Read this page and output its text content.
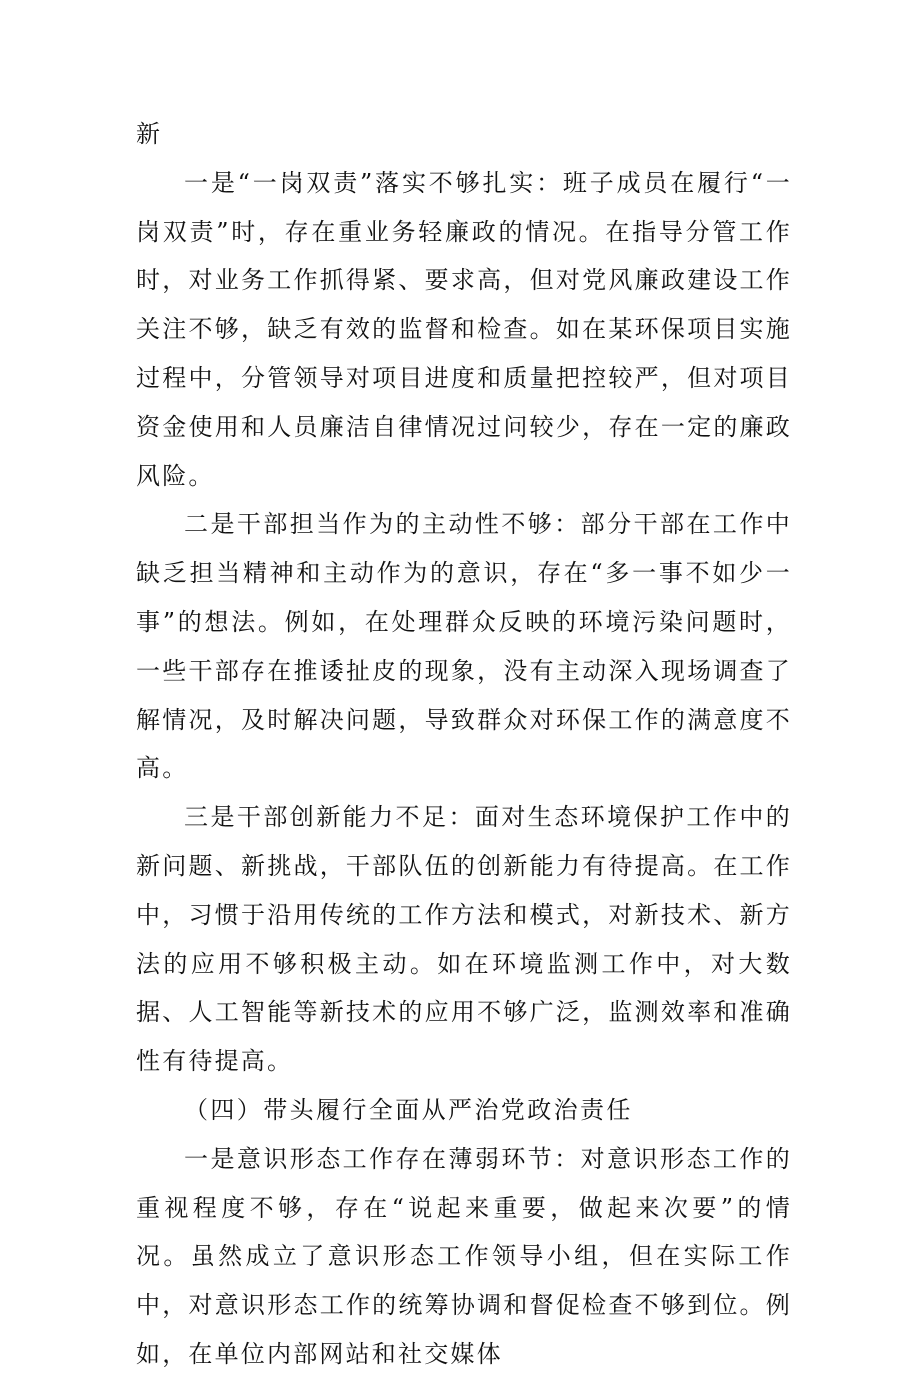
新

一是“一岗双责”落实不够扎实：班子成员在履行“一岗双责”时，存在重业务轻廉政的情况。在指导分管工作时，对业务工作抓得紧、要求高，但对党风廉政建设工作关注不够，缺乏有效的监督和检查。如在某环保项目实施过程中，分管领导对项目进度和质量把控较严，但对项目资金使用和人员廉洁自律情况过问较少，存在一定的廉政风险。

二是干部担当作为的主动性不够：部分干部在工作中缺乏担当精神和主动作为的意识，存在“多一事不如少一事”的想法。例如，在处理群众反映的环境污染问题时，一些干部存在推诿扯皮的现象，没有主动深入现场调查了解情况，及时解决问题，导致群众对环保工作的满意度不高。

三是干部创新能力不足：面对生态环境保护工作中的新问题、新挑战，干部队伍的创新能力有待提高。在工作中，习惯于沿用传统的工作方法和模式，对新技术、新方法的应用不够积极主动。如在环境监测工作中，对大数据、人工智能等新技术的应用不够广泛，监测效率和准确性有待提高。

（四）带头履行全面从严治党政治责任

一是意识形态工作存在薄弱环节：对意识形态工作的重视程度不够，存在“说起来重要，做起来次要”的情况。虽然成立了意识形态工作领导小组，但在实际工作中，对意识形态工作的统筹协调和督促检查不够到位。例如，在单位内部网站和社交媒体
